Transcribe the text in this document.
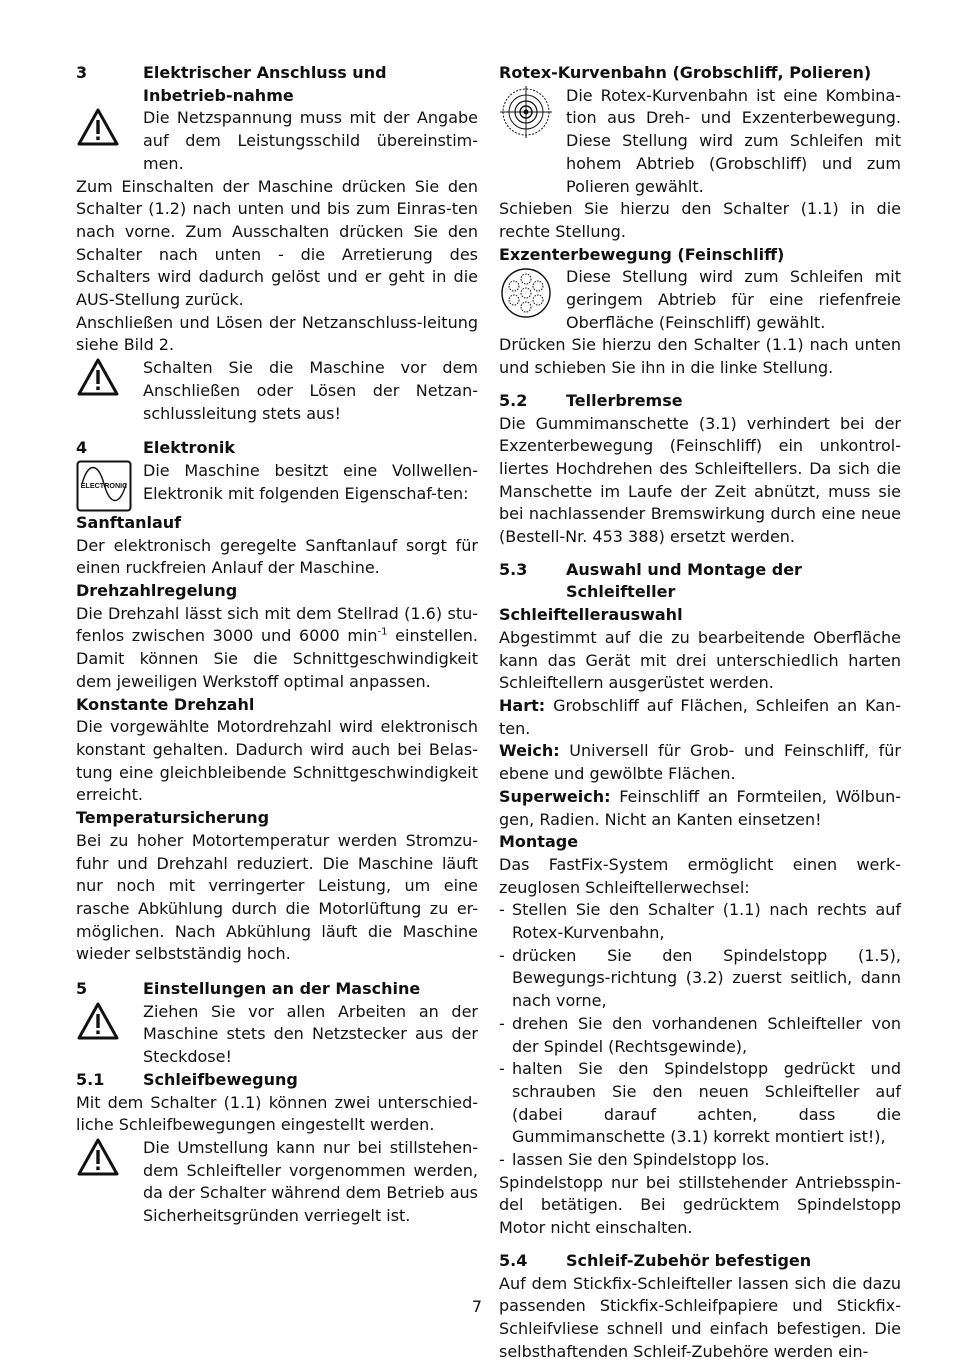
3	Elektrischer Anschluss und Inbetrieb-nahme
Die Netzspannung muss mit der Angabe auf dem Leistungsschild übereinstim-men.

Zum Einschalten der Maschine drücken Sie den Schalter (1.2) nach unten und bis zum Einras-ten nach vorne. Zum Ausschalten drücken Sie den Schalter nach unten - die Arretierung des Schalters wird dadurch gelöst und er geht in die AUS-Stellung zurück.

Anschließen und Lösen der Netzanschluss-leitung siehe Bild 2.

Schalten Sie die Maschine vor dem Anschließen oder Lösen der Netzan-schlussleitung stets aus!
4	Elektronik
ELECTRONIC
Die Maschine besitzt eine Vollwellen-Elektronik mit folgenden Eigenschaf-ten:
Sanftanlauf

Der elektronisch geregelte Sanftanlauf sorgt für einen ruckfreien Anlauf der Maschine.

Drehzahlregelung

Die Drehzahl lässt sich mit dem Stellrad (1.6) stu-fenlos zwischen 3000 und 6000 $\min^{-1}$ einstellen. Damit können Sie die Schnittgeschwindigkeit dem jeweiligen Werkstoff optimal anpassen.

Konstante Drehzahl

Die vorgewählte Motordrehzahl wird elektronisch konstant gehalten. Dadurch wird auch bei Belas-tung eine gleichbleibende Schnittgeschwindigkeit erreicht.

Temperatursicherung

Bei zu hoher Motortemperatur werden Stromzu-fuhr und Drehzahl reduziert. Die Maschine läuft nur noch mit verringerter Leistung, um eine rasche Abkühlung durch die Motorlüftung zu er-möglichen. Nach Abkühlung läuft die Maschine wieder selbstständig hoch.

5	Einstellungen an der Maschine
Ziehen Sie vor allen Arbeiten an der Maschine stets den Netzstecker aus der Steckdose!
5.1	Schleifbewegung

Mit dem Schalter (1.1) können zwei unterschied-liche Schleifbewegungen eingestellt werden.

Die Umstellung kann nur bei stillstehen-dem Schleifteller vorgenommen werden, da der Schalter während dem Betrieb aus Sicherheitsgründen verriegelt ist.
Rotex-Kurvenbahn (Grobschliff, Polieren)
Die Rotex-Kurvenbahn ist eine Kombina-tion aus Dreh- und Exzenterbewegung. Diese Stellung wird zum Schleifen mit hohem Abtrieb (Grobschliff) und zum Polieren gewählt.

Schieben Sie hierzu den Schalter (1.1) in die rechte Stellung.

Exzenterbewegung (Feinschliff)
Diese Stellung wird zum Schleifen mit geringem Abtrieb für eine riefenfreie Oberfläche (Feinschliff) gewählt.

Drücken Sie hierzu den Schalter (1.1) nach unten und schieben Sie ihn in die linke Stellung.

5.2	Tellerbremse

Die Gummimanschette (3.1) verhindert bei der Exzenterbewegung (Feinschliff) ein unkontrol-liertes Hochdrehen des Schleiftellers. Da sich die Manschette im Laufe der Zeit abnützt, muss sie bei nachlassender Bremswirkung durch eine neue (Bestell-Nr. 453 388) ersetzt werden.

5.3	Auswahl und Montage der Schleifteller
Schleiftellerauswahl

Abgestimmt auf die zu bearbeitende Oberfläche kann das Gerät mit drei unterschiedlich harten Schleiftellern ausgerüstet werden.

Hart: Grobschliff auf Flächen, Schleifen an Kan-ten.

Weich: Universell für Grob- und Feinschliff, für ebene und gewölbte Flächen.

Superweich: Feinschliff an Formteilen, Wölbun-gen, Radien. Nicht an Kanten einsetzen!

Montage

Das FastFix-System ermöglicht einen werk-zeuglosen Schleiftellerwechsel:

- Stellen Sie den Schalter (1.1) nach rechts auf Rotex-Kurvenbahn,
- drücken Sie den Spindelstopp (1.5), Bewegungs-richtung (3.2) zuerst seitlich, dann nach vorne,
- drehen Sie den vorhandenen Schleifteller von der Spindel (Rechtsgewinde),
- halten Sie den Spindelstopp gedrückt und schrauben Sie den neuen Schleifteller auf (dabei darauf achten, dass die Gummimanschette (3.1) korrekt montiert ist!),
- lassen Sie den Spindelstopp los.

Spindelstopp nur bei stillstehender Antriebsspin-del betätigen. Bei gedrücktem Spindelstopp Motor nicht einschalten.

5.4	Schleif-Zubehör befestigen

Auf dem Stickfix-Schleifteller lassen sich die dazu passenden Stickfix-Schleifpapiere und Stickfix-Schleifvliese schnell und einfach befestigen. Die selbsthaftenden Schleif-Zubehöre werden ein-

7
